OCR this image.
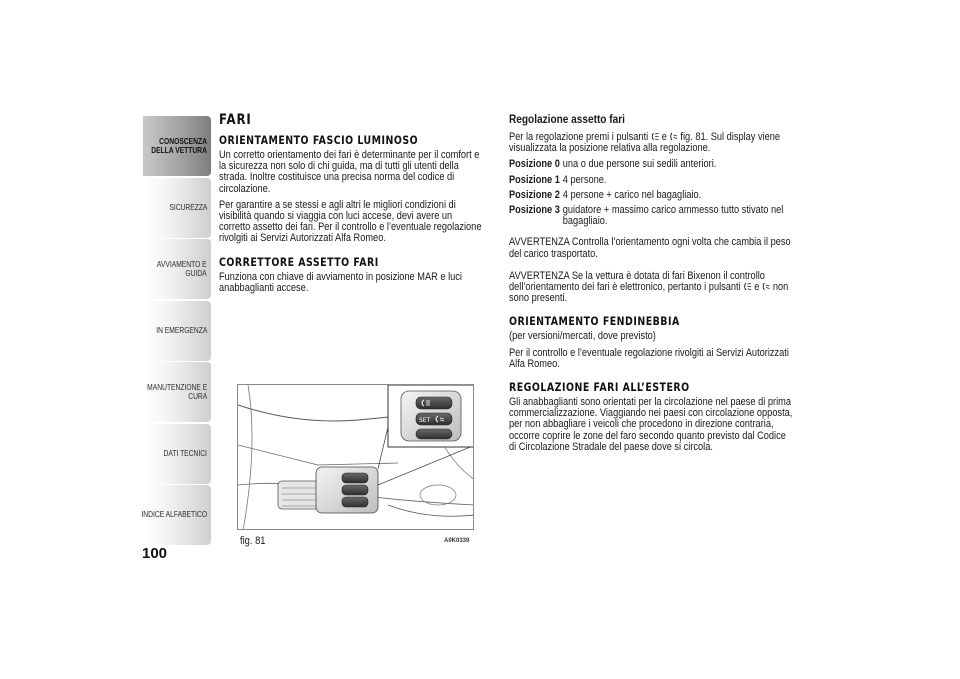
CONOSCENZA
DELLA VETTURA
SICUREZZA
AVVIAMENTO E
GUIDA
IN EMERGENZA
MANUTENZIONE E
CURA
DATI TECNICI
INDICE ALFABETICO
100
FARI
ORIENTAMENTO FASCIO LUMINOSO

Un corretto orientamento dei fari è determinante per il comfort e la sicurezza non solo di chi guida, ma di tutti gli utenti della strada. Inoltre costituisce una precisa norma del codice di circolazione.

Per garantire a se stessi e agli altri le migliori condizioni di visibilità quando si viaggia con luci accese, devi avere un corretto assetto dei fari. Per il controllo e l’eventuale regolazione rivolgiti ai Servizi Autorizzati Alfa Romeo.

CORRETTORE ASSETTO FARI

Funziona con chiave di avviamento in posizione MAR e luci anabbaglianti accese.

SET
fig. 81	A0K0339
Regolazione assetto fari

Per la regolazione premi i pulsanti e fig. 81. Sul display viene visualizzata la posizione relativa alla regolazione.

Posizione 0 una o due persone sui sedili anteriori.
Posizione 1 4 persone.
Posizione 2 4 persone + carico nel bagagliaio.
Posizione 3 guidatore + massimo carico ammesso tutto stivato nel bagagliaio.

AVVERTENZA Controlla l’orientamento ogni volta che cambia il peso del carico trasportato.

AVVERTENZA Se la vettura è dotata di fari Bixenon il controllo dell’orientamento dei fari è elettronico, pertanto i pulsanti e non sono presenti.

ORIENTAMENTO FENDINEBBIA

(per versioni/mercati, dove previsto)

Per il controllo e l’eventuale regolazione rivolgiti ai Servizi Autorizzati Alfa Romeo.

REGOLAZIONE FARI ALL’ESTERO

Gli anabbaglianti sono orientati per la circolazione nel paese di prima commercializzazione. Viaggiando nei paesi con circolazione opposta, per non abbagliare i veicoli che procedono in direzione contraria, occorre coprire le zone del faro secondo quanto previsto dal Codice di Circolazione Stradale del paese dove si circola.
